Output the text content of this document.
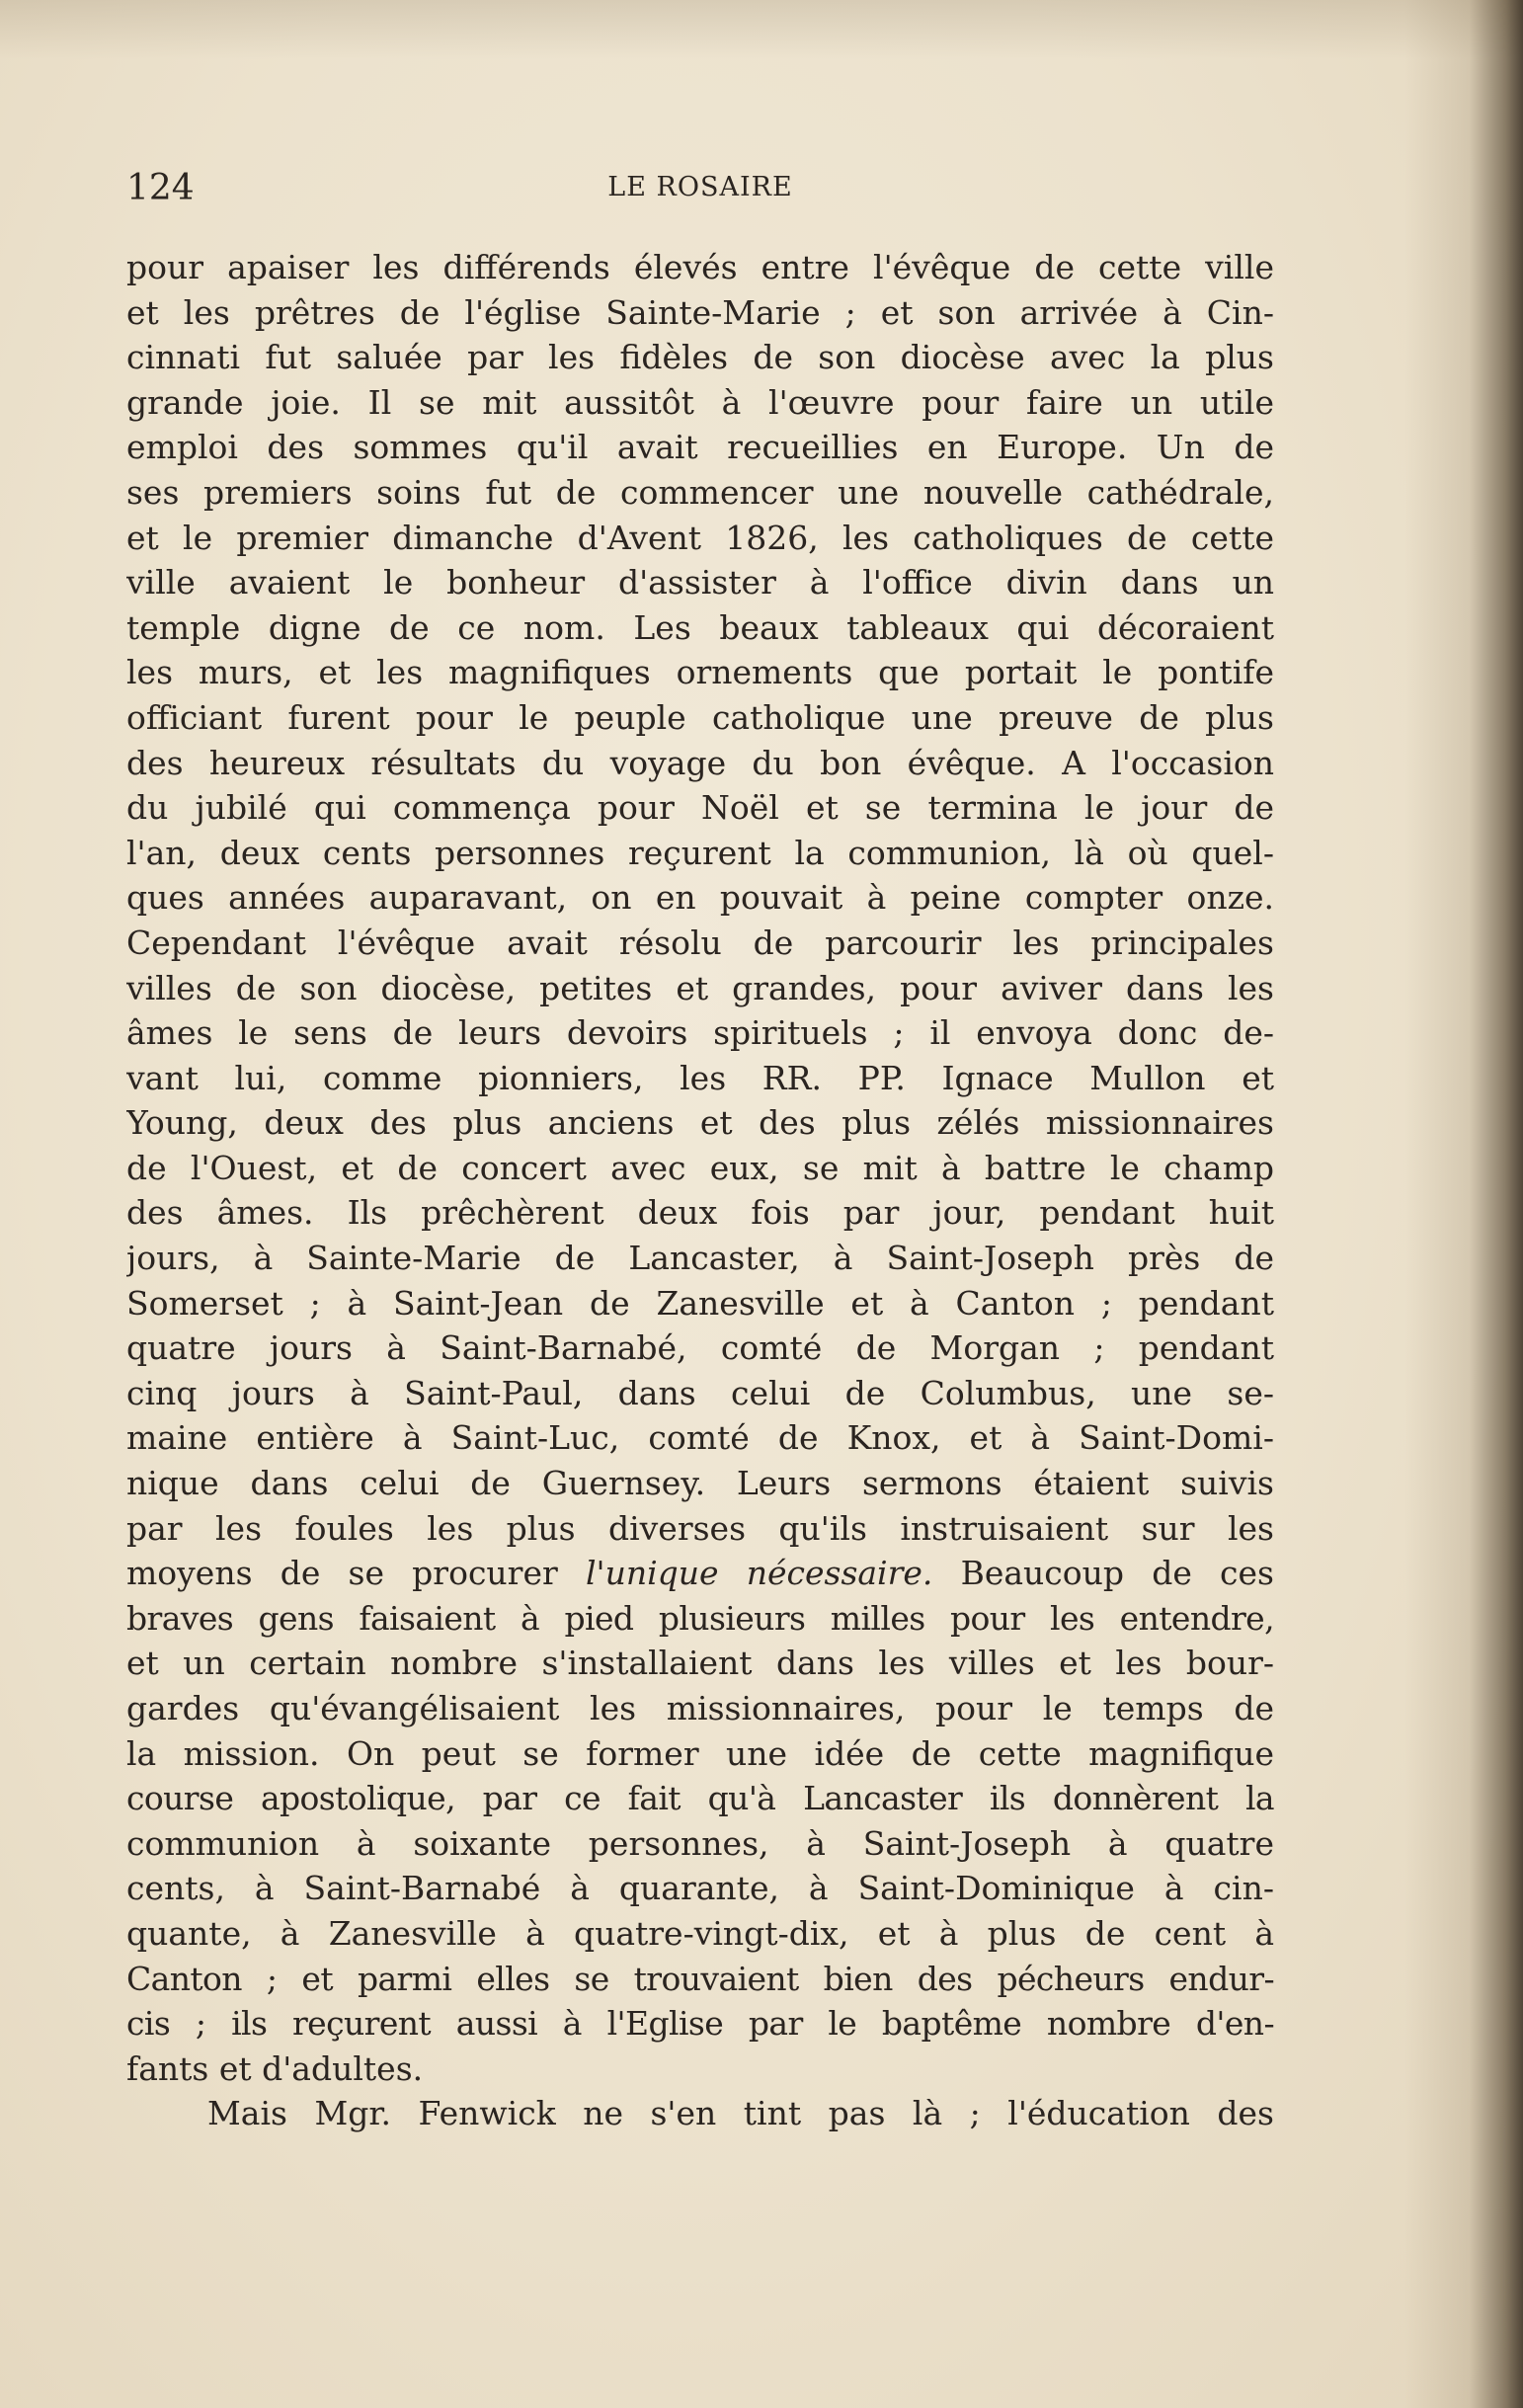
124	LE ROSAIRE
pour apaiser les différends élevés entre l'évêque de cette ville
et les prêtres de l'église Sainte-Marie ; et son arrivée à Cin-
cinnati fut saluée par les fidèles de son diocèse avec la plus
grande joie. Il se mit aussitôt à l'œuvre pour faire un utile
emploi des sommes qu'il avait recueillies en Europe. Un de
ses premiers soins fut de commencer une nouvelle cathédrale,
et le premier dimanche d'Avent 1826, les catholiques de cette
ville avaient le bonheur d'assister à l'office divin dans un
temple digne de ce nom. Les beaux tableaux qui décoraient
les murs, et les magnifiques ornements que portait le pontife
officiant furent pour le peuple catholique une preuve de plus
des heureux résultats du voyage du bon évêque. A l'occasion
du jubilé qui commença pour Noël et se termina le jour de
l'an, deux cents personnes reçurent la communion, là où quel-
ques années auparavant, on en pouvait à peine compter onze.
Cependant l'évêque avait résolu de parcourir les principales
villes de son diocèse, petites et grandes, pour aviver dans les
âmes le sens de leurs devoirs spirituels ; il envoya donc de-
vant lui, comme pionniers, les RR. PP. Ignace Mullon et
Young, deux des plus anciens et des plus zélés missionnaires
de l'Ouest, et de concert avec eux, se mit à battre le champ
des âmes. Ils prêchèrent deux fois par jour, pendant huit
jours, à Sainte-Marie de Lancaster, à Saint-Joseph près de
Somerset ; à Saint-Jean de Zanesville et à Canton ; pendant
quatre jours à Saint-Barnabé, comté de Morgan ; pendant
cinq jours à Saint-Paul, dans celui de Columbus, une se-
maine entière à Saint-Luc, comté de Knox, et à Saint-Domi-
nique dans celui de Guernsey. Leurs sermons étaient suivis
par les foules les plus diverses qu'ils instruisaient sur les
moyens de se procurer l'unique nécessaire. Beaucoup de ces
braves gens faisaient à pied plusieurs milles pour les entendre,
et un certain nombre s'installaient dans les villes et les bour-
gardes qu'évangélisaient les missionnaires, pour le temps de
la mission. On peut se former une idée de cette magnifique
course apostolique, par ce fait qu'à Lancaster ils donnèrent la
communion à soixante personnes, à Saint-Joseph à quatre
cents, à Saint-Barnabé à quarante, à Saint-Dominique à cin-
quante, à Zanesville à quatre-vingt-dix, et à plus de cent à
Canton ; et parmi elles se trouvaient bien des pécheurs endur-
cis ; ils reçurent aussi à l'Eglise par le baptême nombre d'en-
fants et d'adultes.
Mais Mgr. Fenwick ne s'en tint pas là ; l'éducation des
